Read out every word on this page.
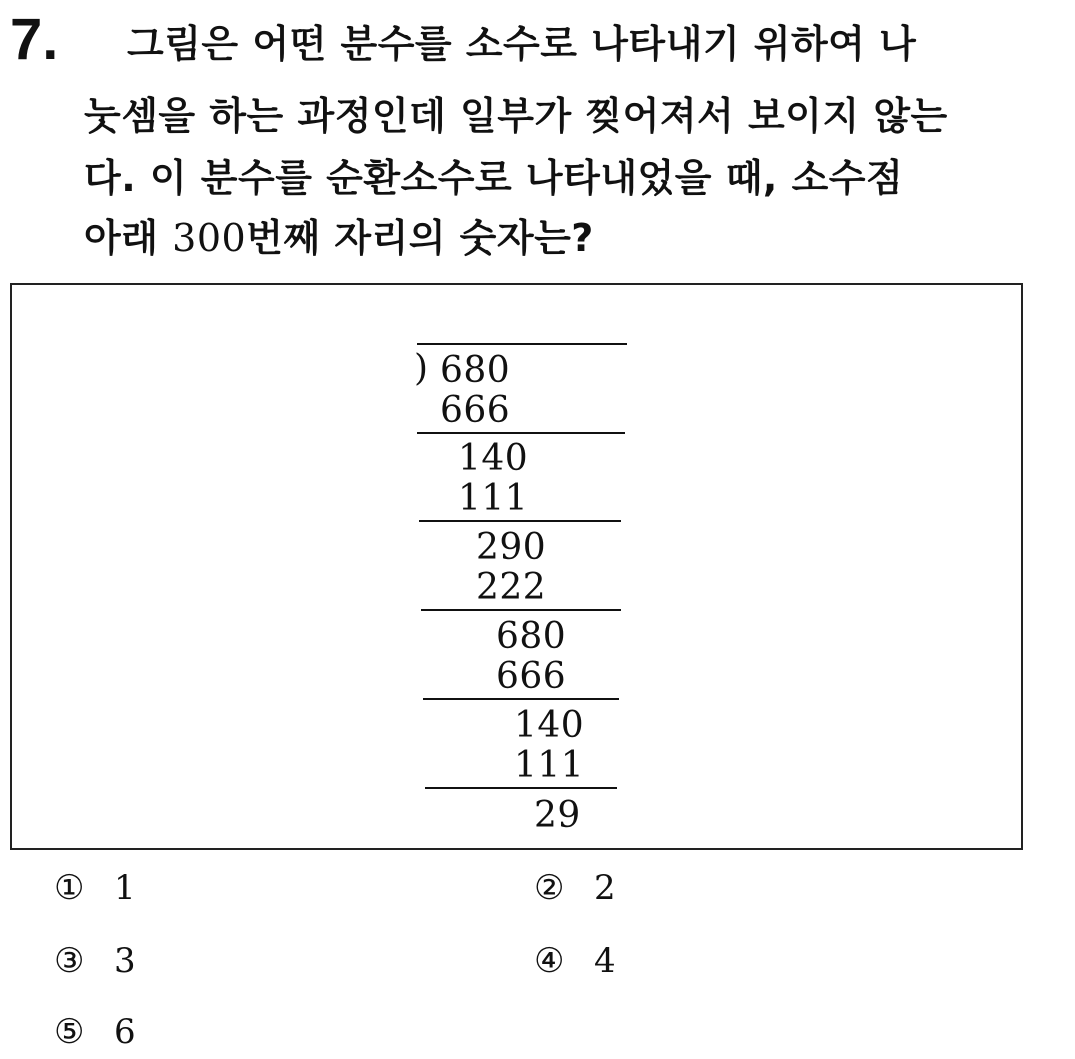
7. 그림은 어떤 분수를 소수로 나타내기 위하여 나
눗셈을 하는 과정인데 일부가 찢어져서 보이지 않는
다. 이 분수를 순환소수로 나타내었을 때, 소수점
아래 300번째 자리의 숫자는?
) 680
666
140
111
290
222
680
666
140
111
29
① 1	② 2
③ 3	④ 4
⑤ 6
